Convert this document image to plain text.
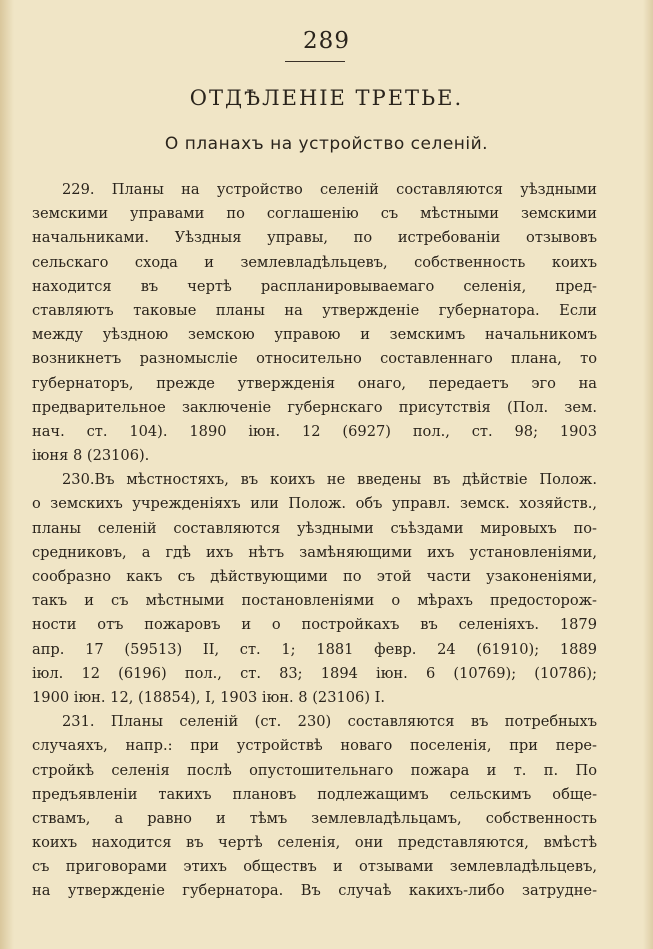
289
ОТДѢЛЕНІЕ ТРЕТЬЕ.
О планахъ на устройство селеній.
229. Планы на устройство селеній составляются уѣздными
земскими управами по соглашенію съ мѣстными земскими
начальниками. Уѣздныя управы, по истребованіи отзывовъ
сельскаго схода и землевладѣльцевъ, собственность коихъ
находится въ чертѣ распланировываемаго селенія, пред-
ставляютъ таковые планы на утвержденіе губернатора. Если
между уѣздною земскою управою и земскимъ начальникомъ
возникнетъ разномысліе относительно составленнаго плана, то
губернаторъ, прежде утвержденія онаго, передаетъ эго на
предварительное заключеніе губернскаго присутствія (Пол. зем.
нач. ст. 104). 1890 іюн. 12 (6927) пол., ст. 98; 1903
іюня 8 (23106).
230.Въ мѣстностяхъ, въ коихъ не введены въ дѣйствіе Полож.
о земскихъ учрежденіяхъ или Полож. объ управл. земск. хозяйств.,
планы селеній составляются уѣздными съѣздами мировыхъ по-
средниковъ, а гдѣ ихъ нѣтъ замѣняющими ихъ установленіями,
сообразно какъ съ дѣйствующими по этой части узаконеніями,
такъ и съ мѣстными постановленіями о мѣрахъ предосторож-
ности отъ пожаровъ и о постройкахъ въ селеніяхъ. 1879
апр. 17 (59513) II, ст. 1; 1881 февр. 24 (61910); 1889
іюл. 12 (6196) пол., ст. 83; 1894 іюн. 6 (10769); (10786);
1900 іюн. 12, (18854), I, 1903 іюн. 8 (23106) I.
231. Планы селеній (ст. 230) составляются въ потребныхъ
случаяхъ, напр.: при устройствѣ новаго поселенія, при пере-
стройкѣ селенія послѣ опустошительнаго пожара и т. п. По
предъявленіи такихъ плановъ подлежащимъ сельскимъ обще-
ствамъ, а равно и тѣмъ землевладѣльцамъ, собственность
коихъ находится въ чертѣ селенія, они представляются, вмѣстѣ
съ приговорами этихъ обществъ и отзывами землевладѣльцевъ,
на утвержденіе губернатора. Въ случаѣ какихъ-либо затрудне-
